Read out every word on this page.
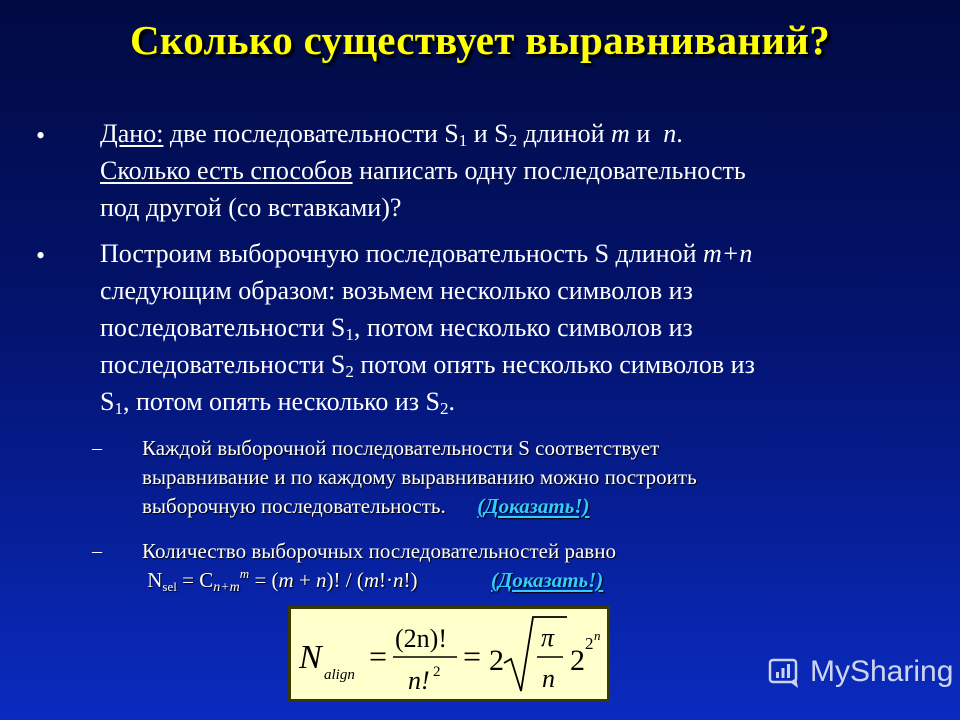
Сколько существует выравниваний?
• Дано: две последовательности $S_1$ и $S_2$ длиной m и n.
Сколько есть способов написать одну последовательность
под другой (со вставками)?
• Построим выборочную последовательность S длиной m+n
следующим образом: возьмем несколько символов из
последовательности $S_1$, потом несколько символов из
последовательности $S_2$ потом опять несколько символов из
$S_1$, потом опять несколько из $S_2$.
– Каждой выборочной последовательности S соответствует
выравнивание и по каждому выравниванию можно построить
выборочную последовательность. (Доказать!)
– Количество выборочных последовательностей равно
$N_{sel} = C_{n+m}^m = (m + n)$! / (m!·n!)	(Доказать!)
N align
= (2n)!
n! 2 = 2
π
n
2
2 n
MySharing
